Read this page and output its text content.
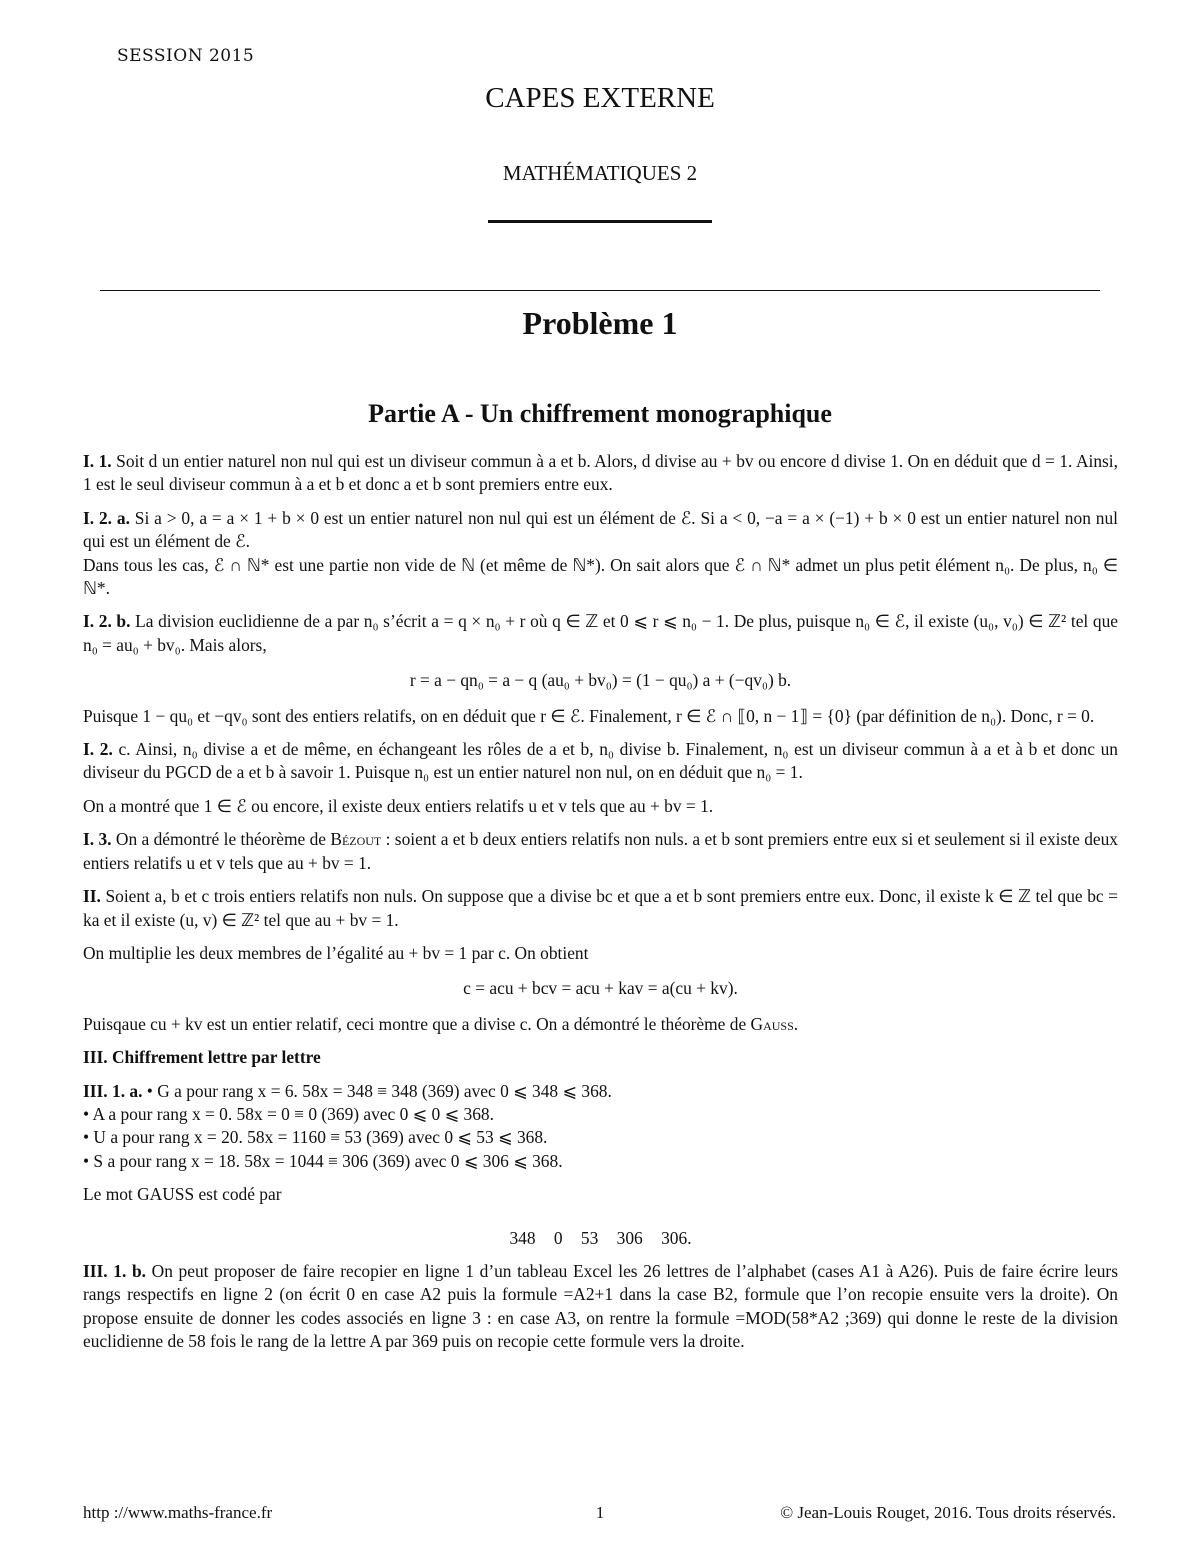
SESSION 2015
CAPES EXTERNE
MATHÉMATIQUES 2
Problème 1
Partie A - Un chiffrement monographique

I. 1. Soit d un entier naturel non nul qui est un diviseur commun à a et b. Alors, d divise au + bv ou encore d divise 1. On en déduit que d = 1. Ainsi, 1 est le seul diviseur commun à a et b et donc a et b sont premiers entre eux.

I. 2. a. Si a > 0, a = a × 1 + b × 0 est un entier naturel non nul qui est un élément de ℰ. Si a < 0, −a = a × (−1) + b × 0 est un entier naturel non nul qui est un élément de ℰ.

Dans tous les cas, ℰ ∩ ℕ* est une partie non vide de ℕ (et même de ℕ*). On sait alors que ℰ ∩ ℕ* admet un plus petit élément n₀. De plus, n₀ ∈ ℕ*.

I. 2. b. La division euclidienne de a par n₀ s’écrit a = q × n₀ + r où q ∈ ℤ et 0 ⩽ r ⩽ n₀ − 1. De plus, puisque n₀ ∈ ℰ, il existe (u₀, v₀) ∈ ℤ² tel que n₀ = au₀ + bv₀. Mais alors,

r = a − qn₀ = a − q (au₀ + bv₀) = (1 − qu₀) a + (−qv₀) b.

Puisque 1 − qu₀ et −qv₀ sont des entiers relatifs, on en déduit que r ∈ ℰ. Finalement, r ∈ ℰ ∩ ⟦0, n − 1⟧ = {0} (par définition de n₀). Donc, r = 0.

I. 2. c. Ainsi, n₀ divise a et de même, en échangeant les rôles de a et b, n₀ divise b. Finalement, n₀ est un diviseur commun à a et à b et donc un diviseur du PGCD de a et b à savoir 1. Puisque n₀ est un entier naturel non nul, on en déduit que n₀ = 1.

On a montré que 1 ∈ ℰ ou encore, il existe deux entiers relatifs u et v tels que au + bv = 1.

I. 3. On a démontré le théorème de Bézout : soient a et b deux entiers relatifs non nuls. a et b sont premiers entre eux si et seulement si il existe deux entiers relatifs u et v tels que au + bv = 1.

II. Soient a, b et c trois entiers relatifs non nuls. On suppose que a divise bc et que a et b sont premiers entre eux. Donc, il existe k ∈ ℤ tel que bc = ka et il existe (u, v) ∈ ℤ² tel que au + bv = 1.

On multiplie les deux membres de l’égalité au + bv = 1 par c. On obtient

c = acu + bcv = acu + kav = a(cu + kv).

Puisqaue cu + kv est un entier relatif, ceci montre que a divise c. On a démontré le théorème de Gauss.

III. Chiffrement lettre par lettre

III. 1. a. • G a pour rang x = 6. 58x = 348 ≡ 348 (369) avec 0 ⩽ 348 ⩽ 368.

• A a pour rang x = 0. 58x = 0 ≡ 0 (369) avec 0 ⩽ 0 ⩽ 368.

• U a pour rang x = 20. 58x = 1160 ≡ 53 (369) avec 0 ⩽ 53 ⩽ 368.

• S a pour rang x = 18. 58x = 1044 ≡ 306 (369) avec 0 ⩽ 306 ⩽ 368.

Le mot GAUSS est codé par

348 0 53 306 306.

III. 1. b. On peut proposer de faire recopier en ligne 1 d’un tableau Excel les 26 lettres de l’alphabet (cases A1 à A26). Puis de faire écrire leurs rangs respectifs en ligne 2 (on écrit 0 en case A2 puis la formule =A2+1 dans la case B2, formule que l’on recopie ensuite vers la droite). On propose ensuite de donner les codes associés en ligne 3 : en case A3, on rentre la formule =MOD(58*A2 ;369) qui donne le reste de la division euclidienne de 58 fois le rang de la lettre A par 369 puis on recopie cette formule vers la droite.

http ://www.maths-france.fr	1	© Jean-Louis Rouget, 2016. Tous droits réservés.
